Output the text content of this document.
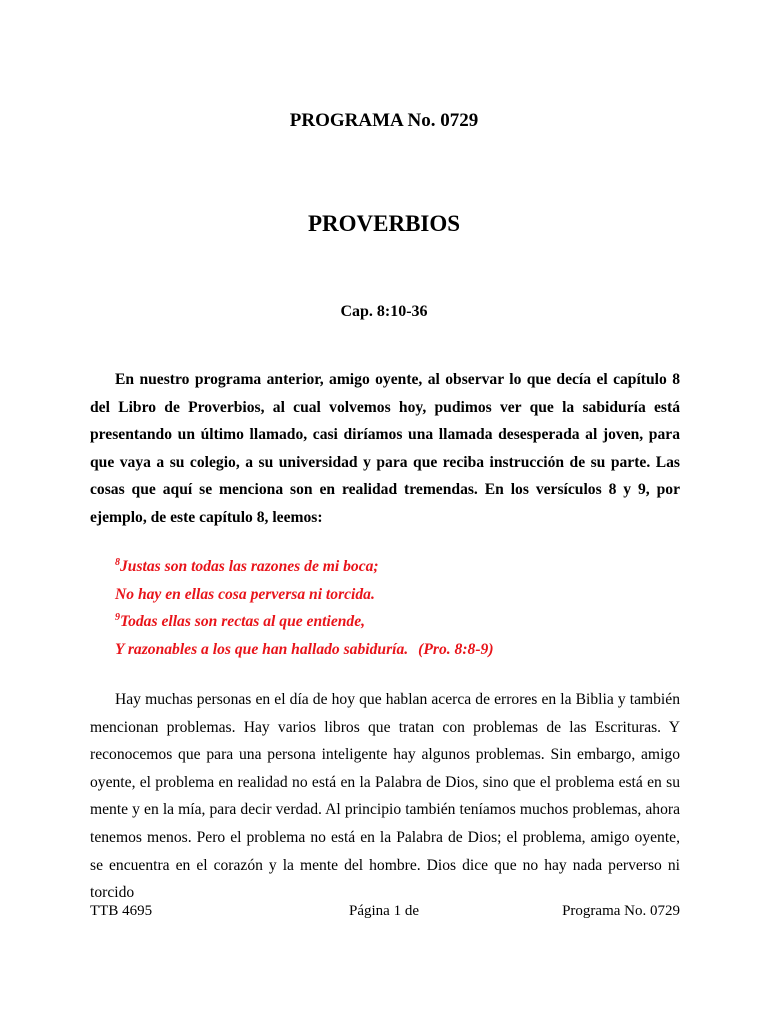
PROGRAMA No. 0729
PROVERBIOS
Cap. 8:10-36

En nuestro programa anterior, amigo oyente, al observar lo que decía el capítulo 8 del Libro de Proverbios, al cual volvemos hoy, pudimos ver que la sabiduría está presentando un último llamado, casi diríamos una llamada desesperada al joven, para que vaya a su colegio, a su universidad y para que reciba instrucción de su parte. Las cosas que aquí se menciona son en realidad tremendas. En los versículos 8 y 9, por ejemplo, de este capítulo 8, leemos:

$^8$Justas son todas las razones de mi boca;
No hay en ellas cosa perversa ni torcida.
$^9$Todas ellas son rectas al que entiende,
Y razonables a los que han hallado sabiduría. (Pro. 8:8-9)

Hay muchas personas en el día de hoy que hablan acerca de errores en la Biblia y también mencionan problemas. Hay varios libros que tratan con problemas de las Escrituras. Y reconocemos que para una persona inteligente hay algunos problemas. Sin embargo, amigo oyente, el problema en realidad no está en la Palabra de Dios, sino que el problema está en su mente y en la mía, para decir verdad. Al principio también teníamos muchos problemas, ahora tenemos menos. Pero el problema no está en la Palabra de Dios; el problema, amigo oyente, se encuentra en el corazón y la mente del hombre. Dios dice que no hay nada perverso ni torcido

Página 1 de

TTB 4695	Programa No. 0729
